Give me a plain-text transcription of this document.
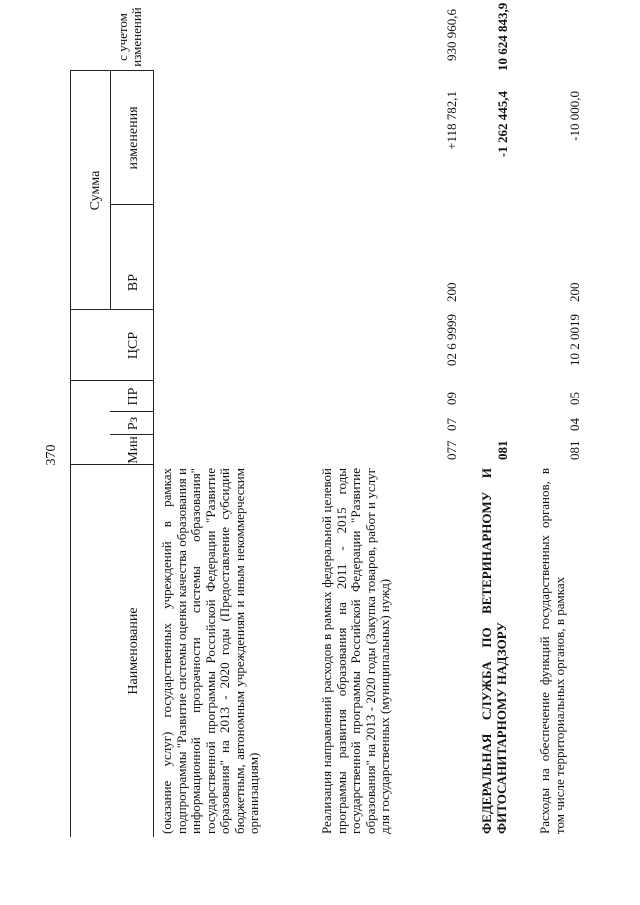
370
Наименование
Мин
Рз
ПР
ЦСР
ВР
Сумма
изменения
с учетом изменений
(оказание услуг) государственных учреждений в рамках подпрограммы "Развитие системы оценки качества образования и информационной прозрачности системы образования" государственной программы Российской Федерации "Развитие образования" на 2013 - 2020 годы (Предоставление субсидий бюджетным, автономным учреждениям и иным некоммерческим организациям)	Реализация направлений расходов в рамках федеральной целевой программы развития образования на 2011 - 2015 годы государственной программы Российской Федерации "Развитие образования" на 2013 - 2020 годы (Закупка товаров, работ и услуг для государственных (муниципальных) нужд)
077
07
09
02 6 9999
200
+118 782,1
930 960,6
ФЕДЕРАЛЬНАЯ СЛУЖБА ПО ВЕТЕРИНАРНОМУ И ФИТОСАНИТАРНОМУ НАДЗОРУ
081
-1 262 445,4
10 624 843,9
Расходы на обеспечение функций государственных органов, в том числе территориальных органов, в рамках
081
04
05
10 2 0019
200
-10 000,0
